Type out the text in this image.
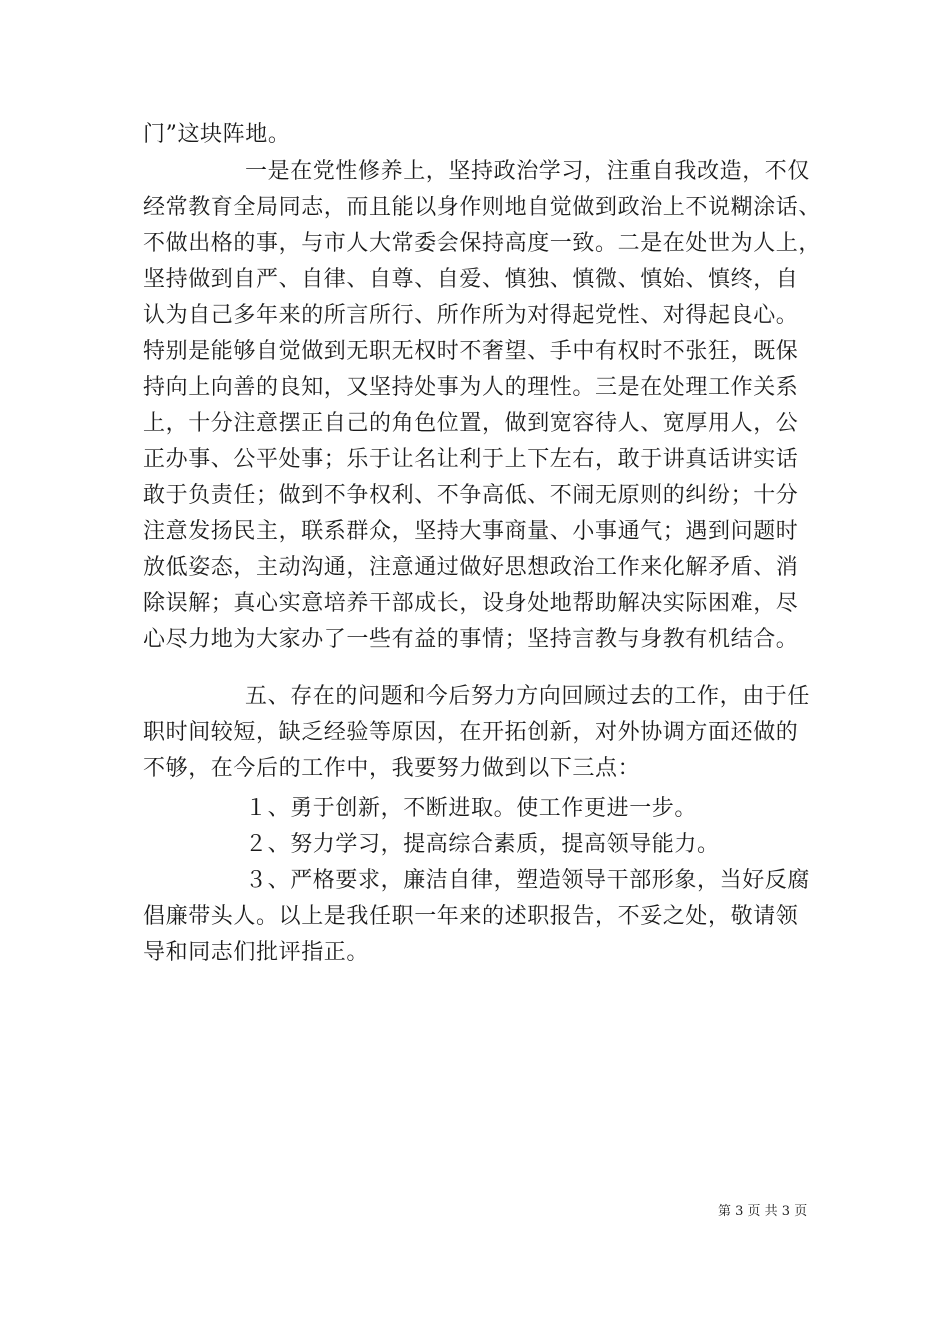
门”这块阵地。
一是在党性修养上，坚持政治学习，注重自我改造，不仅
经常教育全局同志，而且能以身作则地自觉做到政治上不说糊涂话、
不做出格的事，与市人大常委会保持高度一致。二是在处世为人上，
坚持做到自严、自律、自尊、自爱、慎独、慎微、慎始、慎终，自
认为自己多年来的所言所行、所作所为对得起党性、对得起良心。
特别是能够自觉做到无职无权时不奢望、手中有权时不张狂，既保
持向上向善的良知，又坚持处事为人的理性。三是在处理工作关系
上，十分注意摆正自己的角色位置，做到宽容待人、宽厚用人，公
正办事、公平处事；乐于让名让利于上下左右，敢于讲真话讲实话
敢于负责任；做到不争权利、不争高低、不闹无原则的纠纷；十分
注意发扬民主，联系群众，坚持大事商量、小事通气；遇到问题时
放低姿态，主动沟通，注意通过做好思想政治工作来化解矛盾、消
除误解；真心实意培养干部成长，设身处地帮助解决实际困难，尽
心尽力地为大家办了一些有益的事情；坚持言教与身教有机结合。
五、存在的问题和今后努力方向回顾过去的工作，由于任
职时间较短，缺乏经验等原因，在开拓创新，对外协调方面还做的
不够，在今后的工作中，我要努力做到以下三点：
１、勇于创新，不断进取。使工作更进一步。
２、努力学习，提高综合素质，提高领导能力。
３、严格要求，廉洁自律，塑造领导干部形象，当好反腐
倡廉带头人。以上是我任职一年来的述职报告，不妥之处，敬请领
导和同志们批评指正。
第 3 页 共 3 页
